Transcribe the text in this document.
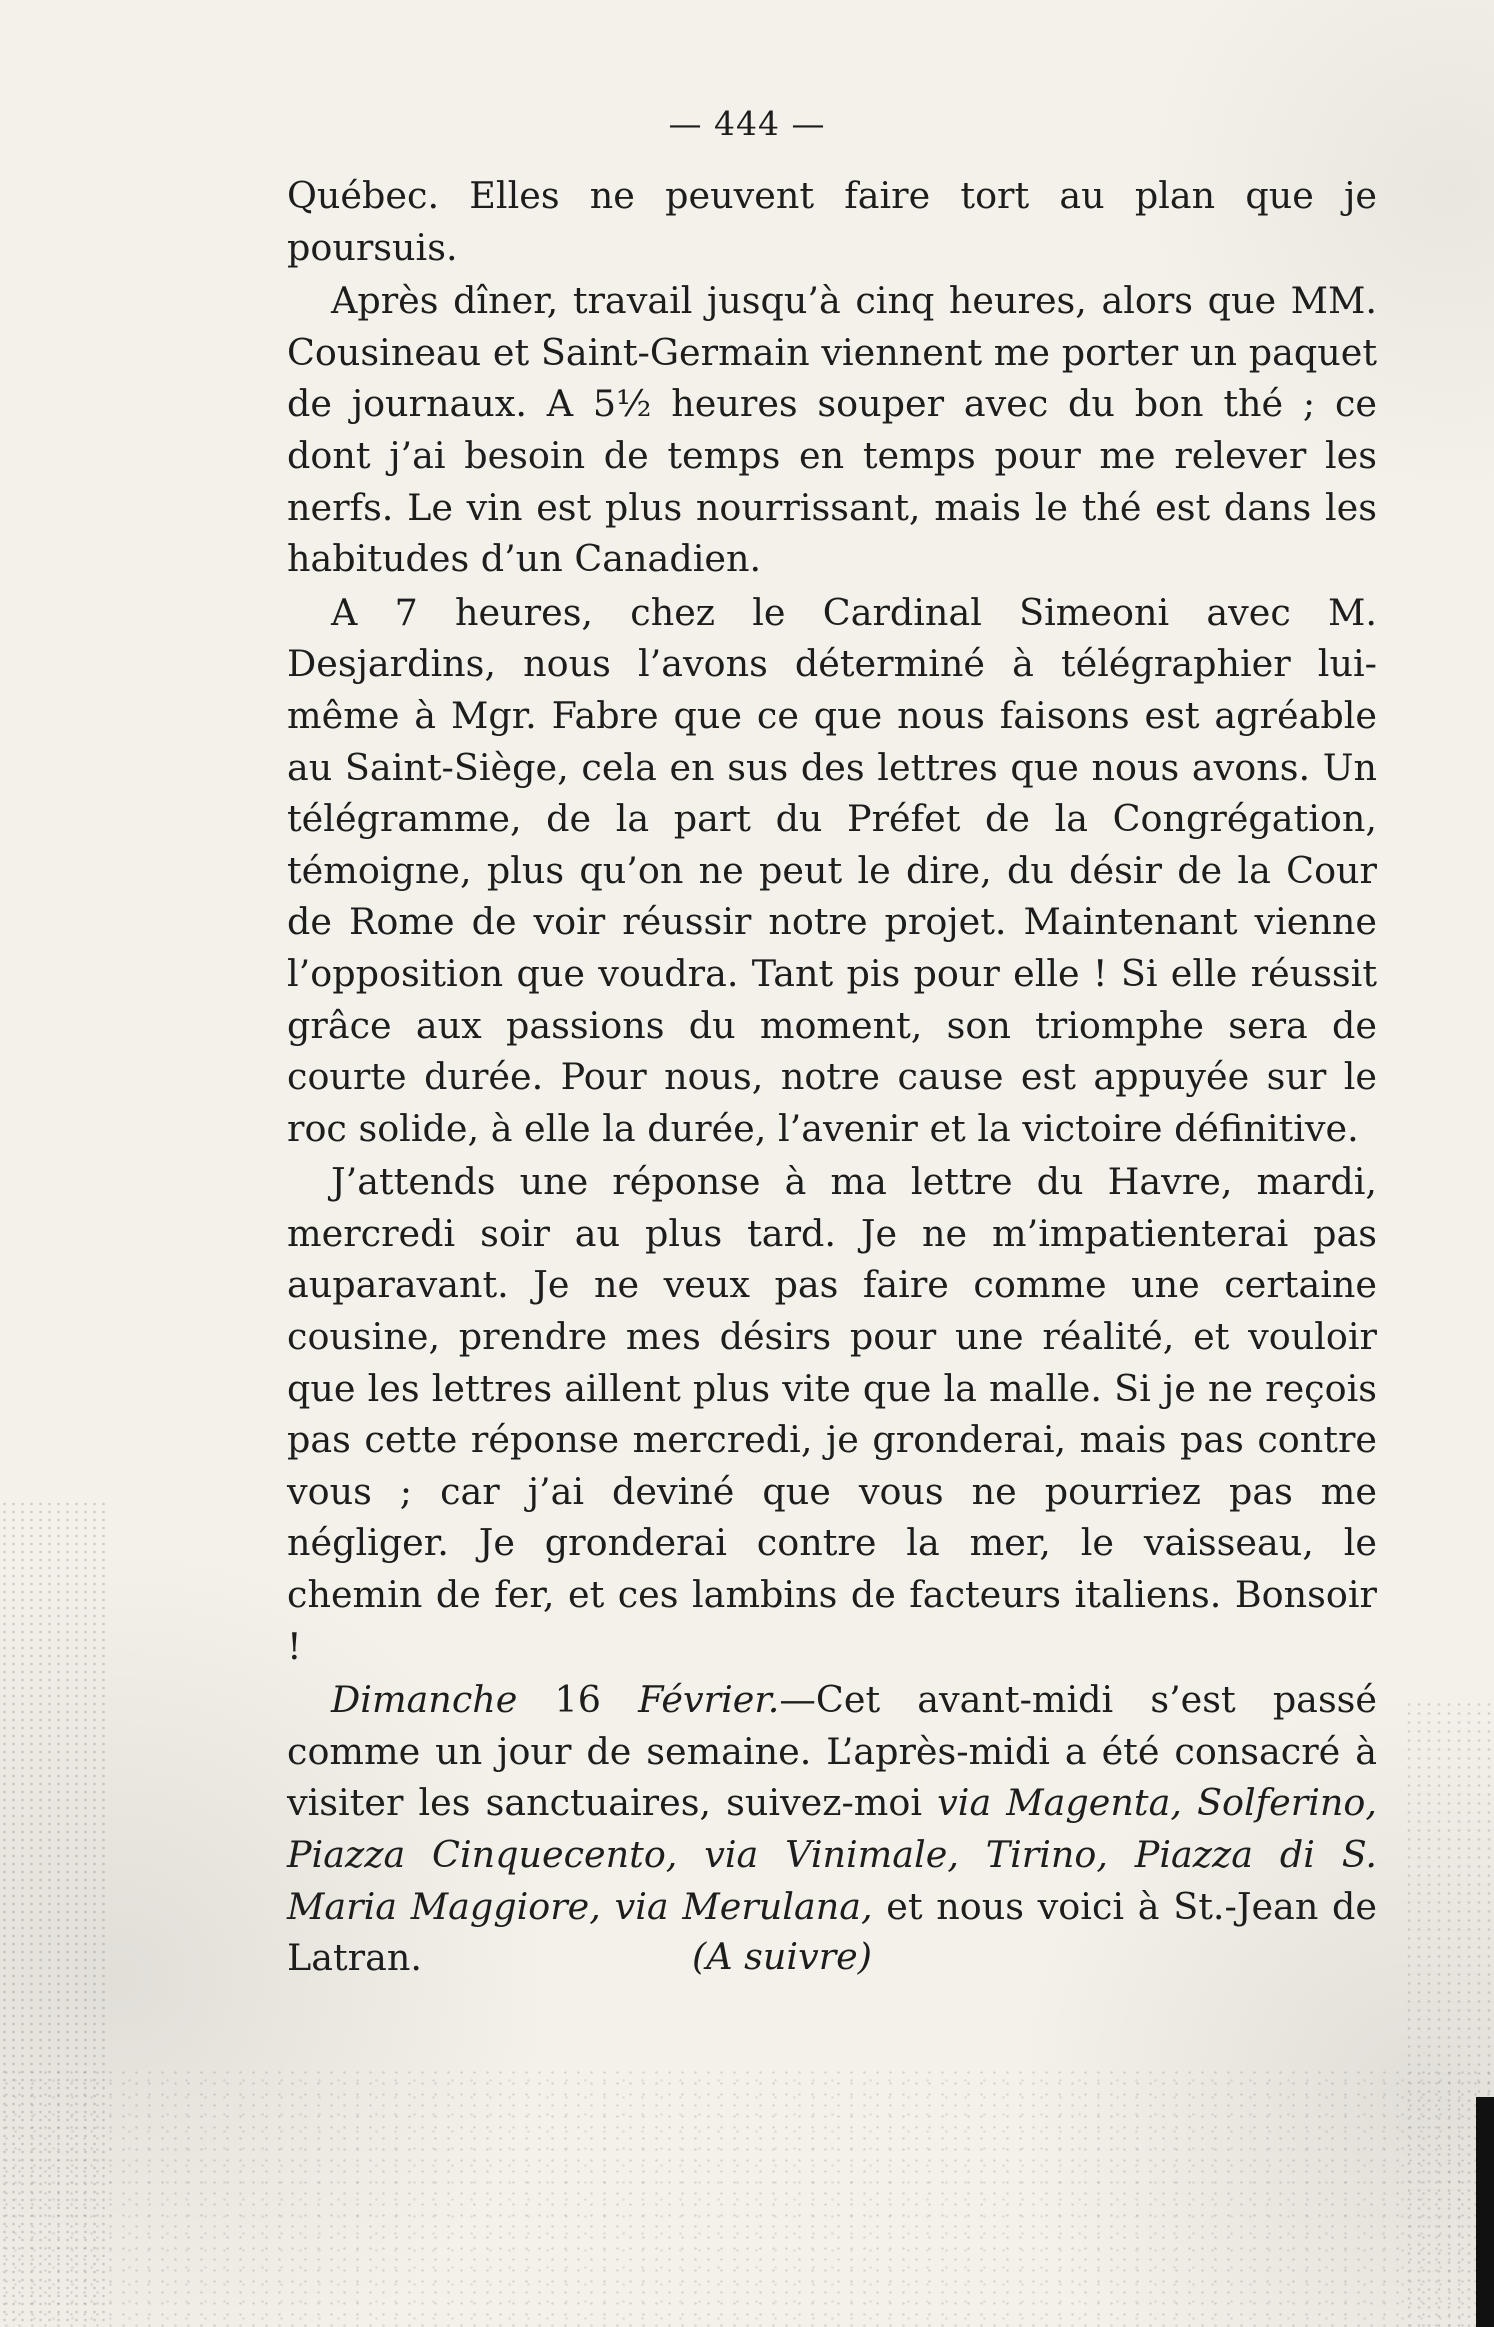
— 444 —

Québec. Elles ne peuvent faire tort au plan que je poursuis.

Après dîner, travail jusqu’à cinq heures, alors que MM. Cousineau et Saint-Germain viennent me porter un paquet de journaux. A 5½ heures souper avec du bon thé ; ce dont j’ai besoin de temps en temps pour me relever les nerfs. Le vin est plus nourrissant, mais le thé est dans les habitudes d’un Canadien.

A 7 heures, chez le Cardinal Simeoni avec M. Desjardins, nous l’avons déterminé à télégraphier lui-même à Mgr. Fabre que ce que nous faisons est agréable au Saint-Siège, cela en sus des lettres que nous avons. Un télégramme, de la part du Préfet de la Congrégation, témoigne, plus qu’on ne peut le dire, du désir de la Cour de Rome de voir réussir notre projet. Maintenant vienne l’opposition que voudra. Tant pis pour elle ! Si elle réussit grâce aux passions du moment, son triomphe sera de courte durée. Pour nous, notre cause est appuyée sur le roc solide, à elle la durée, l’avenir et la victoire définitive.

J’attends une réponse à ma lettre du Havre, mardi, mercredi soir au plus tard. Je ne m’impatienterai pas auparavant. Je ne veux pas faire comme une certaine cousine, prendre mes désirs pour une réalité, et vouloir que les lettres aillent plus vite que la malle. Si je ne reçois pas cette réponse mercredi, je gronderai, mais pas contre vous ; car j’ai deviné que vous ne pourriez pas me négliger. Je gronderai contre la mer, le vaisseau, le chemin de fer, et ces lambins de facteurs italiens. Bonsoir !

Dimanche 16 Février.—Cet avant-midi s’est passé comme un jour de semaine. L’après-midi a été consacré à visiter les sanctuaires, suivez-moi via Magenta, Solferino, Piazza Cinquecento, via Vinimale, Tirino, Piazza di S. Maria Maggiore, via Merulana, et nous voici à St.-Jean de Latran.	(A suivre)
